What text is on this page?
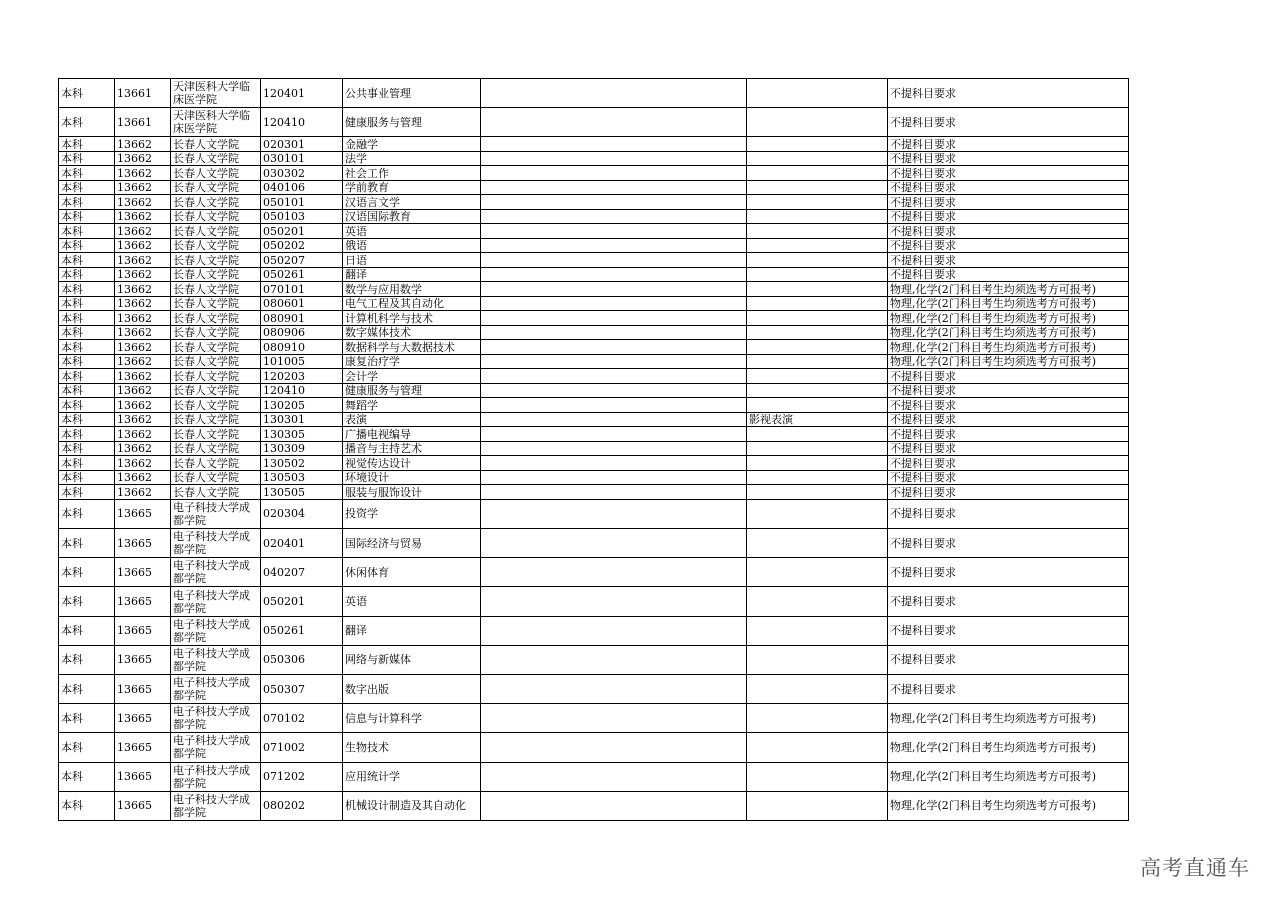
本科	13661	天津医科大学临床医学院	120401	公共事业管理			不提科目要求
本科	13661	天津医科大学临床医学院	120410	健康服务与管理			不提科目要求
本科	13662	长春人文学院	020301	金融学			不提科目要求
本科	13662	长春人文学院	030101	法学			不提科目要求
本科	13662	长春人文学院	030302	社会工作			不提科目要求
本科	13662	长春人文学院	040106	学前教育			不提科目要求
本科	13662	长春人文学院	050101	汉语言文学			不提科目要求
本科	13662	长春人文学院	050103	汉语国际教育			不提科目要求
本科	13662	长春人文学院	050201	英语			不提科目要求
本科	13662	长春人文学院	050202	俄语			不提科目要求
本科	13662	长春人文学院	050207	日语			不提科目要求
本科	13662	长春人文学院	050261	翻译			不提科目要求
本科	13662	长春人文学院	070101	数学与应用数学			物理,化学(2门科目考生均须选考方可报考)
本科	13662	长春人文学院	080601	电气工程及其自动化			物理,化学(2门科目考生均须选考方可报考)
本科	13662	长春人文学院	080901	计算机科学与技术			物理,化学(2门科目考生均须选考方可报考)
本科	13662	长春人文学院	080906	数字媒体技术			物理,化学(2门科目考生均须选考方可报考)
本科	13662	长春人文学院	080910	数据科学与大数据技术			物理,化学(2门科目考生均须选考方可报考)
本科	13662	长春人文学院	101005	康复治疗学			物理,化学(2门科目考生均须选考方可报考)
本科	13662	长春人文学院	120203	会计学			不提科目要求
本科	13662	长春人文学院	120410	健康服务与管理			不提科目要求
本科	13662	长春人文学院	130205	舞蹈学			不提科目要求
本科	13662	长春人文学院	130301	表演		影视表演	不提科目要求
本科	13662	长春人文学院	130305	广播电视编导			不提科目要求
本科	13662	长春人文学院	130309	播音与主持艺术			不提科目要求
本科	13662	长春人文学院	130502	视觉传达设计			不提科目要求
本科	13662	长春人文学院	130503	环境设计			不提科目要求
本科	13662	长春人文学院	130505	服装与服饰设计			不提科目要求
本科	13665	电子科技大学成都学院	020304	投资学			不提科目要求
本科	13665	电子科技大学成都学院	020401	国际经济与贸易			不提科目要求
本科	13665	电子科技大学成都学院	040207	休闲体育			不提科目要求
本科	13665	电子科技大学成都学院	050201	英语			不提科目要求
本科	13665	电子科技大学成都学院	050261	翻译			不提科目要求
本科	13665	电子科技大学成都学院	050306	网络与新媒体			不提科目要求
本科	13665	电子科技大学成都学院	050307	数字出版			不提科目要求
本科	13665	电子科技大学成都学院	070102	信息与计算科学			物理,化学(2门科目考生均须选考方可报考)
本科	13665	电子科技大学成都学院	071002	生物技术			物理,化学(2门科目考生均须选考方可报考)
本科	13665	电子科技大学成都学院	071202	应用统计学			物理,化学(2门科目考生均须选考方可报考)
本科	13665	电子科技大学成都学院	080202	机械设计制造及其自动化			物理,化学(2门科目考生均须选考方可报考)
高考直通车
